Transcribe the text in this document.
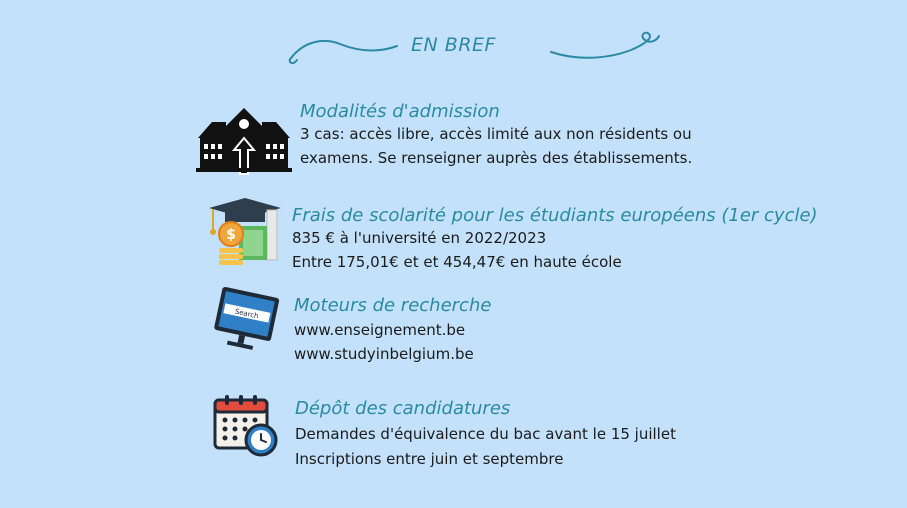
EN BREF
Modalités d'admission
3 cas: accès libre, accès limité aux non résidents ou
examens. Se renseigner auprès des établissements.
$
Frais de scolarité pour les étudiants européens (1er cycle)
835 € à l'université en 2022/2023
Entre 175,01€ et et 454,47€ en haute école
Search Moteurs de recherche
www.enseignement.be
www.studyinbelgium.be
Dépôt des candidatures
Demandes d'équivalence du bac avant le 15 juillet
Inscriptions entre juin et septembre
